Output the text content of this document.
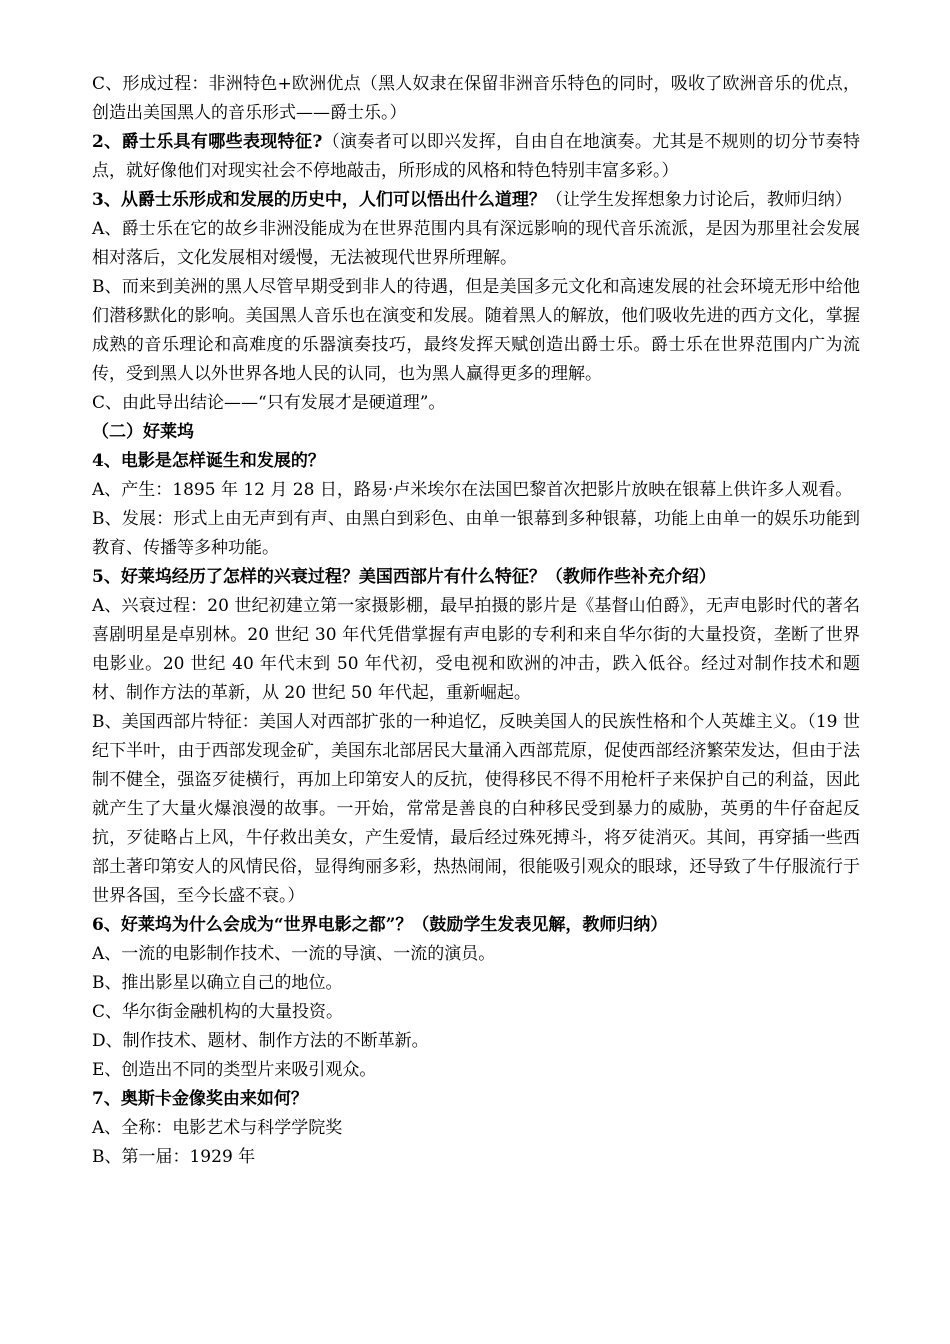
C、形成过程：非洲特色+欧洲优点（黑人奴隶在保留非洲音乐特色的同时，吸收了欧洲音乐的优点，创造出美国黑人的音乐形式——爵士乐。）

2、爵士乐具有哪些表现特征?（演奏者可以即兴发挥，自由自在地演奏。尤其是不规则的切分节奏特点，就好像他们对现实社会不停地敲击，所形成的风格和特色特别丰富多彩。）

3、从爵士乐形成和发展的历史中，人们可以悟出什么道理？（让学生发挥想象力讨论后，教师归纳）

A、爵士乐在它的故乡非洲没能成为在世界范围内具有深远影响的现代音乐流派，是因为那里社会发展相对落后，文化发展相对缓慢，无法被现代世界所理解。

B、而来到美洲的黑人尽管早期受到非人的待遇，但是美国多元文化和高速发展的社会环境无形中给他们潜移默化的影响。美国黑人音乐也在演变和发展。随着黑人的解放，他们吸收先进的西方文化，掌握成熟的音乐理论和高难度的乐器演奏技巧，最终发挥天赋创造出爵士乐。爵士乐在世界范围内广为流传，受到黑人以外世界各地人民的认同，也为黑人赢得更多的理解。

C、由此导出结论——“只有发展才是硬道理”。

（二）好莱坞

4、电影是怎样诞生和发展的？

A、产生：1895 年 12 月 28 日，路易·卢米埃尔在法国巴黎首次把影片放映在银幕上供许多人观看。

B、发展：形式上由无声到有声、由黑白到彩色、由单一银幕到多种银幕，功能上由单一的娱乐功能到教育、传播等多种功能。

5、好莱坞经历了怎样的兴衰过程？美国西部片有什么特征？（教师作些补充介绍）

A、兴衰过程：20 世纪初建立第一家摄影棚，最早拍摄的影片是《基督山伯爵》，无声电影时代的著名喜剧明星是卓别林。20 世纪 30 年代凭借掌握有声电影的专利和来自华尔街的大量投资，垄断了世界电影业。20 世纪 40 年代末到 50 年代初，受电视和欧洲的冲击，跌入低谷。经过对制作技术和题材、制作方法的革新，从 20 世纪 50 年代起，重新崛起。

B、美国西部片特征：美国人对西部扩张的一种追忆，反映美国人的民族性格和个人英雄主义。（19 世纪下半叶，由于西部发现金矿，美国东北部居民大量涌入西部荒原，促使西部经济繁荣发达，但由于法制不健全，强盗歹徒横行，再加上印第安人的反抗，使得移民不得不用枪杆子来保护自己的利益，因此就产生了大量火爆浪漫的故事。一开始，常常是善良的白种移民受到暴力的威胁，英勇的牛仔奋起反抗，歹徒略占上风，牛仔救出美女，产生爱情，最后经过殊死搏斗，将歹徒消灭。其间，再穿插一些西部土著印第安人的风情民俗，显得绚丽多彩，热热闹闹，很能吸引观众的眼球，还导致了牛仔服流行于世界各国，至今长盛不衰。）

6、好莱坞为什么会成为“世界电影之都”？（鼓励学生发表见解，教师归纳）

A、一流的电影制作技术、一流的导演、一流的演员。

B、推出影星以确立自己的地位。

C、华尔街金融机构的大量投资。

D、制作技术、题材、制作方法的不断革新。

E、创造出不同的类型片来吸引观众。

7、奥斯卡金像奖由来如何？

A、全称：电影艺术与科学学院奖

B、第一届：1929 年
